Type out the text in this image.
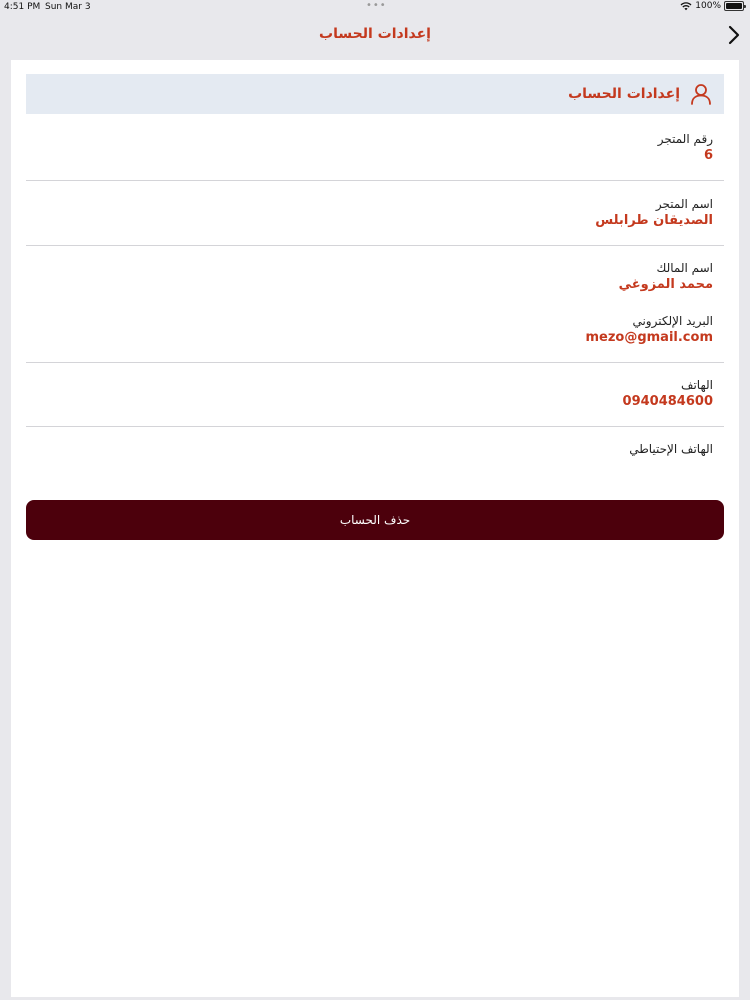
4:51 PM Sun Mar 3	•••	100%
إعدادات الحساب
إعدادات الحساب
رقم المتجر
6
اسم المتجر
الصديقان طرابلس
اسم المالك
محمد المزوغي
البريد الإلكتروني
mezo@gmail.com
الهاتف
0940484600
الهاتف الإحتياطي
حذف الحساب
